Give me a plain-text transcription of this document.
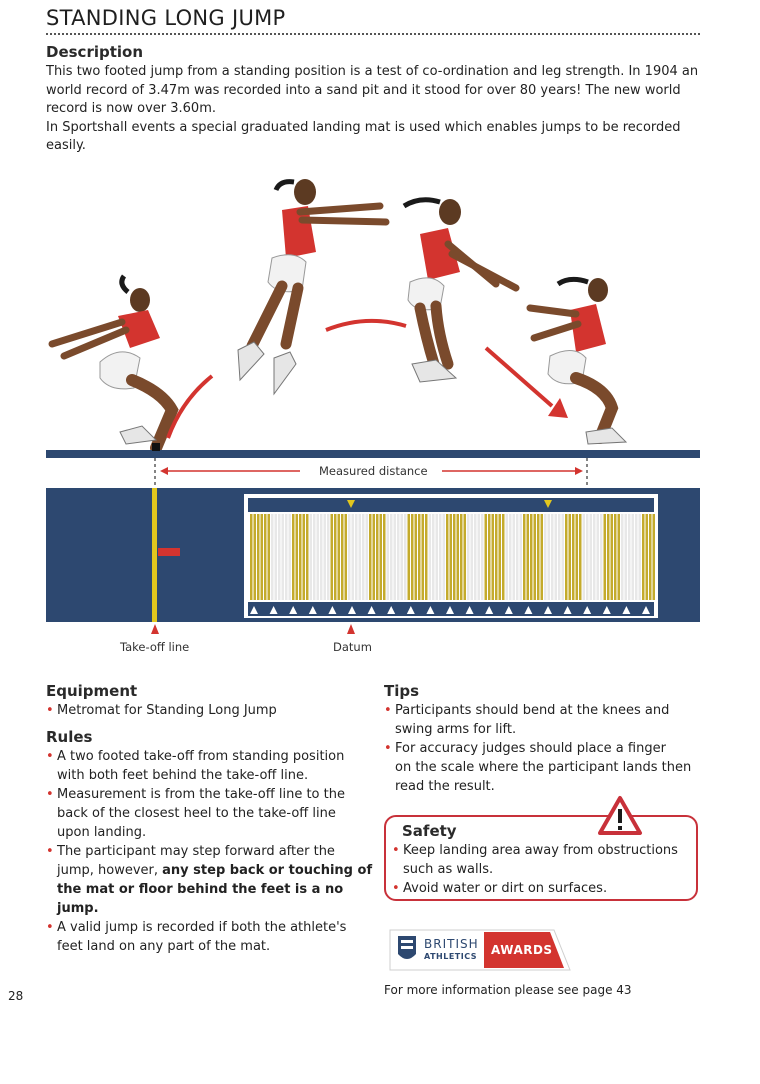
STANDING LONG JUMP
Description
This two footed jump from a standing position is a test of co-ordination and leg strength. In 1904 an
world record of 3.47m was recorded into a sand pit and it stood for over 80 years! The new world
record is now over 3.60m.
In Sportshall events a special graduated landing mat is used which enables jumps to be recorded easily.
Measured distance
Take-off line	Datum
Equipment
• Metromat for Standing Long Jump
Rules
• A two footed take-off from standing position
with both feet behind the take-off line.
• Measurement is from the take-off line to the
back of the closest heel to the take-off line
upon landing.
• The participant may step forward after the
jump, however, any step back or touching of
the mat or floor behind the feet is a no jump.
• A valid jump is recorded if both the athlete's
feet land on any part of the mat.
Tips
• Participants should bend at the knees and
swing arms for lift.
• For accuracy judges should place a finger
on the scale where the participant lands then
read the result.
Safety
• Keep landing area away from obstructions
such as walls.
• Avoid water or dirt on surfaces.
BRITISH
ATHLETICS AWARDS
For more information please see page 43
28
